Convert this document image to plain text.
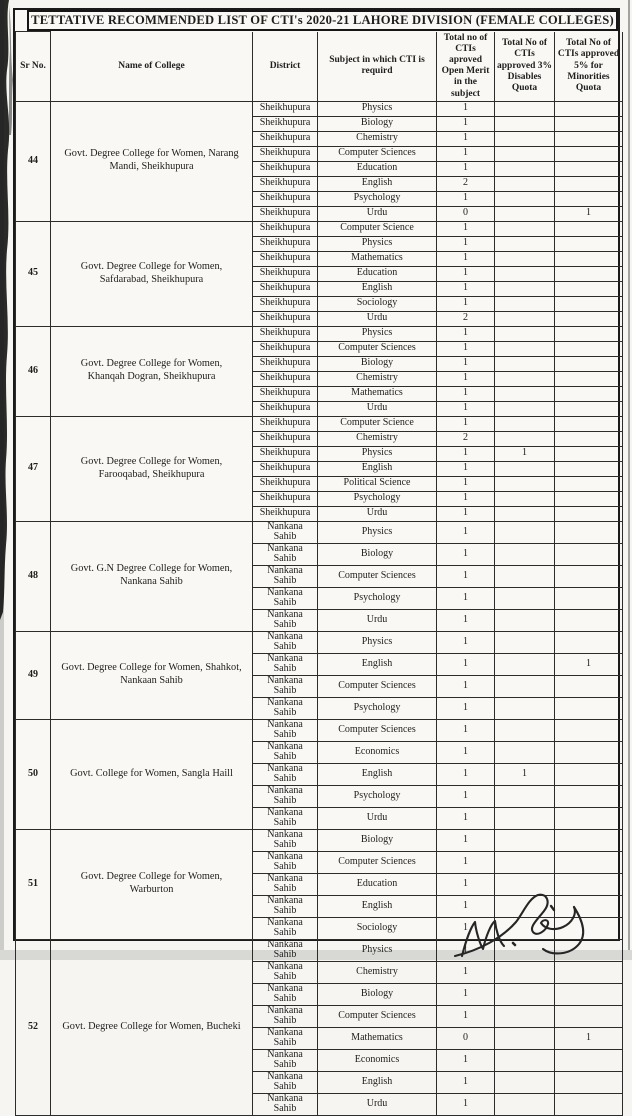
TETTATIVE RECOMMENDED LIST OF CTI's 2020-21 LAHORE DIVISION (FEMALE COLLEGES)
Sr No.	Name of College	District	Subject in which CTI is requird	Total no of CTIs aproved Open Merit in the subject	Total No of CTIs approved 3% Disables Quota	Total No of CTIs approved 5% for Minorities Quota
44	Govt. Degree College for Women, Narang Mandi, Sheikhupura	Sheikhupura	Physics	1		
		Sheikhupura	Biology	1		
		Sheikhupura	Chemistry	1		
		Sheikhupura	Computer Sciences	1		
		Sheikhupura	Education	1		
		Sheikhupura	English	2		
		Sheikhupura	Psychology	1		
		Sheikhupura	Urdu	0		1
45	Govt. Degree College for Women, Safdarabad, Sheikhupura	Sheikhupura	Computer Science	1		
		Sheikhupura	Physics	1		
		Sheikhupura	Mathematics	1		
		Sheikhupura	Education	1		
		Sheikhupura	English	1		
		Sheikhupura	Sociology	1		
		Sheikhupura	Urdu	2		
46	Govt. Degree College for Women, Khanqah Dogran, Sheikhupura	Sheikhupura	Physics	1		
		Sheikhupura	Computer Sciences	1		
		Sheikhupura	Biology	1		
		Sheikhupura	Chemistry	1		
		Sheikhupura	Mathematics	1		
		Sheikhupura	Urdu	1		
47	Govt. Degree College for Women, Farooqabad, Sheikhupura	Sheikhupura	Computer Science	1		
		Sheikhupura	Chemistry	2		
		Sheikhupura	Physics	1	1	
		Sheikhupura	English	1		
		Sheikhupura	Political Science	1		
		Sheikhupura	Psychology	1		
		Sheikhupura	Urdu	1		
48	Govt. G.N Degree College for Women, Nankana Sahib	Nankana Sahib	Physics	1		
		Nankana Sahib	Biology	1		
		Nankana Sahib	Computer Sciences	1		
		Nankana Sahib	Psychology	1		
		Nankana Sahib	Urdu	1		
49	Govt. Degree College for Women, Shahkot, Nankaan Sahib	Nankana Sahib	Physics	1		
		Nankana Sahib	English	1		1
		Nankana Sahib	Computer Sciences	1		
		Nankana Sahib	Psychology	1		
50	Govt. College for Women, Sangla Haill	Nankana Sahib	Computer Sciences	1		
		Nankana Sahib	Economics	1		
		Nankana Sahib	English	1	1	
		Nankana Sahib	Psychology	1		
		Nankana Sahib	Urdu	1		
51	Govt. Degree College for Women, Warburton	Nankana Sahib	Biology	1		
		Nankana Sahib	Computer Sciences	1		
		Nankana Sahib	Education	1		
		Nankana Sahib	English	1		
		Nankana Sahib	Sociology	1		
52	Govt. Degree College for Women, Bucheki	Nankana Sahib	Physics	1		
		Nankana Sahib	Chemistry	1		
		Nankana Sahib	Biology	1		
		Nankana Sahib	Computer Sciences	1		
		Nankana Sahib	Mathematics	0		1
		Nankana Sahib	Economics	1		
		Nankana Sahib	English	1		
		Nankana Sahib	Urdu	1		
